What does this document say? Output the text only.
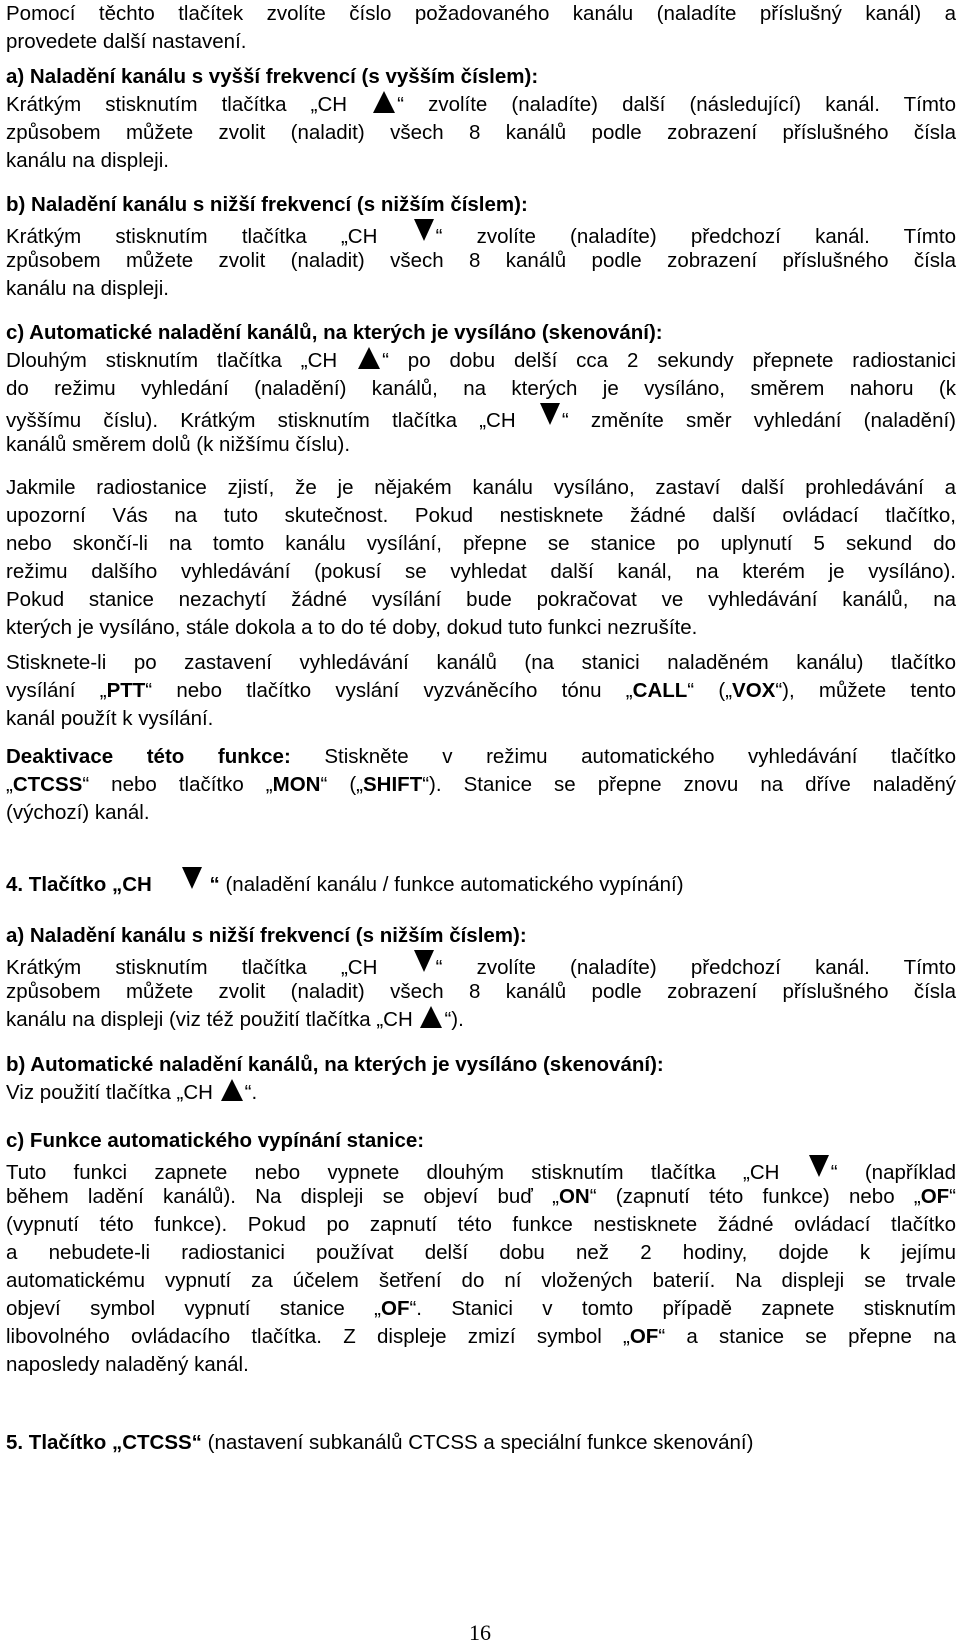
Pomocí těchto tlačítek zvolíte číslo požadovaného kanálu (naladíte příslušný kanál) a
provedete další nastavení.
a) Naladění kanálu s vyšší frekvencí (s vyšším číslem):
Krátkým stisknutím tlačítka „CH “ zvolíte (naladíte) další (následující) kanál. Tímto
způsobem můžete zvolit (naladit) všech 8 kanálů podle zobrazení příslušného čísla
kanálu na displeji.
b) Naladění kanálu s nižší frekvencí (s nižším číslem):
Krátkým stisknutím tlačítka „CH “ zvolíte (naladíte) předchozí kanál. Tímto
způsobem můžete zvolit (naladit) všech 8 kanálů podle zobrazení příslušného čísla
kanálu na displeji.
c) Automatické naladění kanálů, na kterých je vysíláno (skenování):
Dlouhým stisknutím tlačítka „CH “ po dobu delší cca 2 sekundy přepnete radiostanici
do režimu vyhledání (naladění) kanálů, na kterých je vysíláno, směrem nahoru (k
vyššímu číslu). Krátkým stisknutím tlačítka „CH “ změníte směr vyhledání (naladění)
kanálů směrem dolů (k nižšímu číslu).
Jakmile radiostanice zjistí, že je nějakém kanálu vysíláno, zastaví další prohledávání a
upozorní Vás na tuto skutečnost. Pokud nestisknete žádné další ovládací tlačítko,
nebo skončí-li na tomto kanálu vysílání, přepne se stanice po uplynutí 5 sekund do
režimu dalšího vyhledávání (pokusí se vyhledat další kanál, na kterém je vysíláno).
Pokud stanice nezachytí žádné vysílání bude pokračovat ve vyhledávání kanálů, na
kterých je vysíláno, stále dokola a to do té doby, dokud tuto funkci nezrušíte.
Stisknete-li po zastavení vyhledávání kanálů (na stanici naladěném kanálu) tlačítko
vysílání „PTT“ nebo tlačítko vyslání vyzváněcího tónu „CALL“ („VOX“), můžete tento
kanál použít k vysílání.
Deaktivace této funkce: Stiskněte v režimu automatického vyhledávání tlačítko
„CTCSS“ nebo tlačítko „MON“ („SHIFT“). Stanice se přepne znovu na dříve naladěný
(výchozí) kanál.
4. Tlačítko „CH	“ (naladění kanálu / funkce automatického vypínání)
a) Naladění kanálu s nižší frekvencí (s nižším číslem):
Krátkým stisknutím tlačítka „CH “ zvolíte (naladíte) předchozí kanál. Tímto
způsobem můžete zvolit (naladit) všech 8 kanálů podle zobrazení příslušného čísla
kanálu na displeji (viz též použití tlačítka „CH “).
b) Automatické naladění kanálů, na kterých je vysíláno (skenování):
Viz použití tlačítka „CH “.
c) Funkce automatického vypínání stanice:
Tuto funkci zapnete nebo vypnete dlouhým stisknutím tlačítka „CH “ (například
během ladění kanálů). Na displeji se objeví buď „ON“ (zapnutí této funkce) nebo „OF“
(vypnutí této funkce). Pokud po zapnutí této funkce nestisknete žádné ovládací tlačítko
a nebudete-li radiostanici používat delší dobu než 2 hodiny, dojde k jejímu
automatickému vypnutí za účelem šetření do ní vložených baterií. Na displeji se trvale
objeví symbol vypnutí stanice „OF“. Stanici v tomto případě zapnete stisknutím
libovolného ovládacího tlačítka. Z displeje zmizí symbol „OF“ a stanice se přepne na
naposledy naladěný kanál.
5. Tlačítko „CTCSS“ (nastavení subkanálů CTCSS a speciální funkce skenování)
16
